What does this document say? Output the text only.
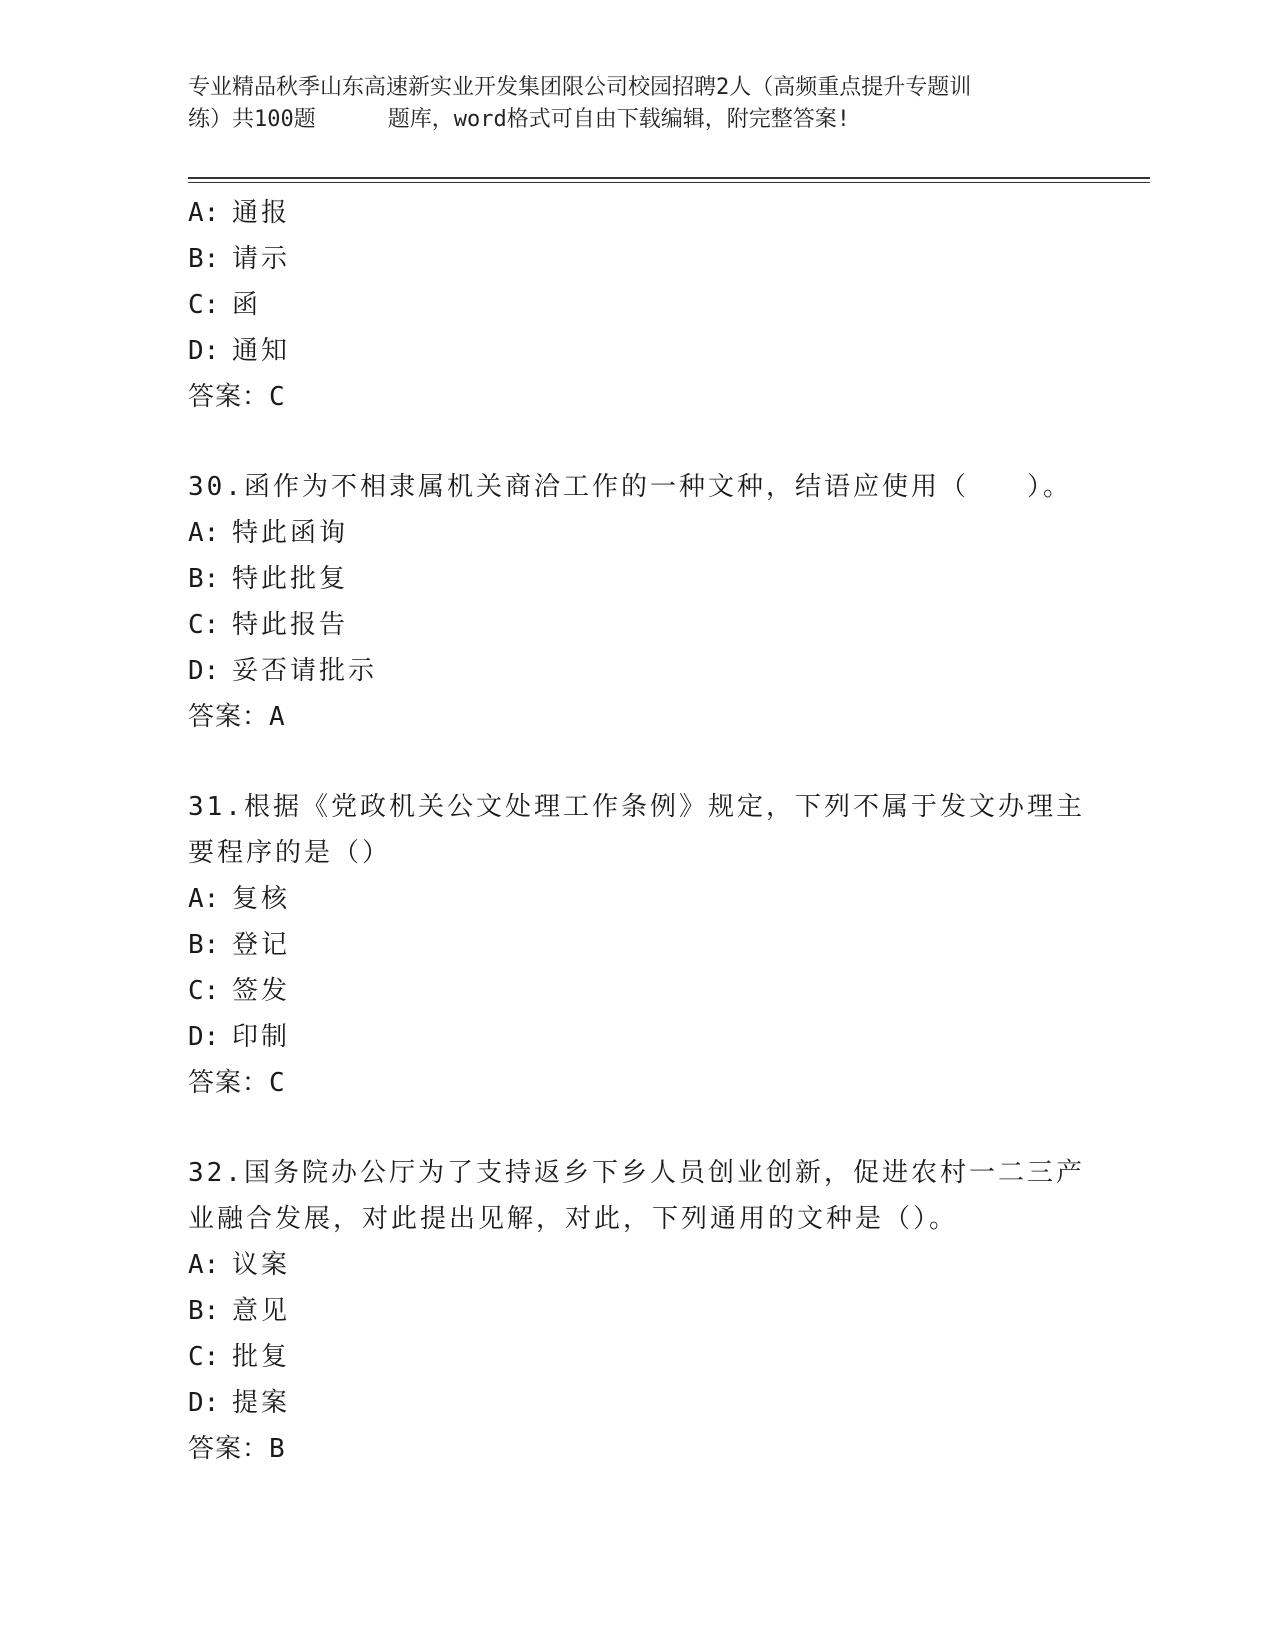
专业精品秋季山东高速新实业开发集团限公司校园招聘2人（高频重点提升专题训
练）共100题	题库，word格式可自由下载编辑，附完整答案!
A: 通报
B: 请示
C: 函
D: 通知
答案：C
30.函作为不相隶属机关商洽工作的一种文种，结语应使用（　　）。
A: 特此函询
B: 特此批复
C: 特此报告
D: 妥否请批示
答案：A
31.根据《党政机关公文处理工作条例》规定，下列不属于发文办理主要程序的是（）
A: 复核
B: 登记
C: 签发
D: 印制
答案：C
32.国务院办公厅为了支持返乡下乡人员创业创新，促进农村一二三产业融合发展，对此提出见解，对此，下列通用的文种是（）。
A: 议案
B: 意见
C: 批复
D: 提案
答案：B
